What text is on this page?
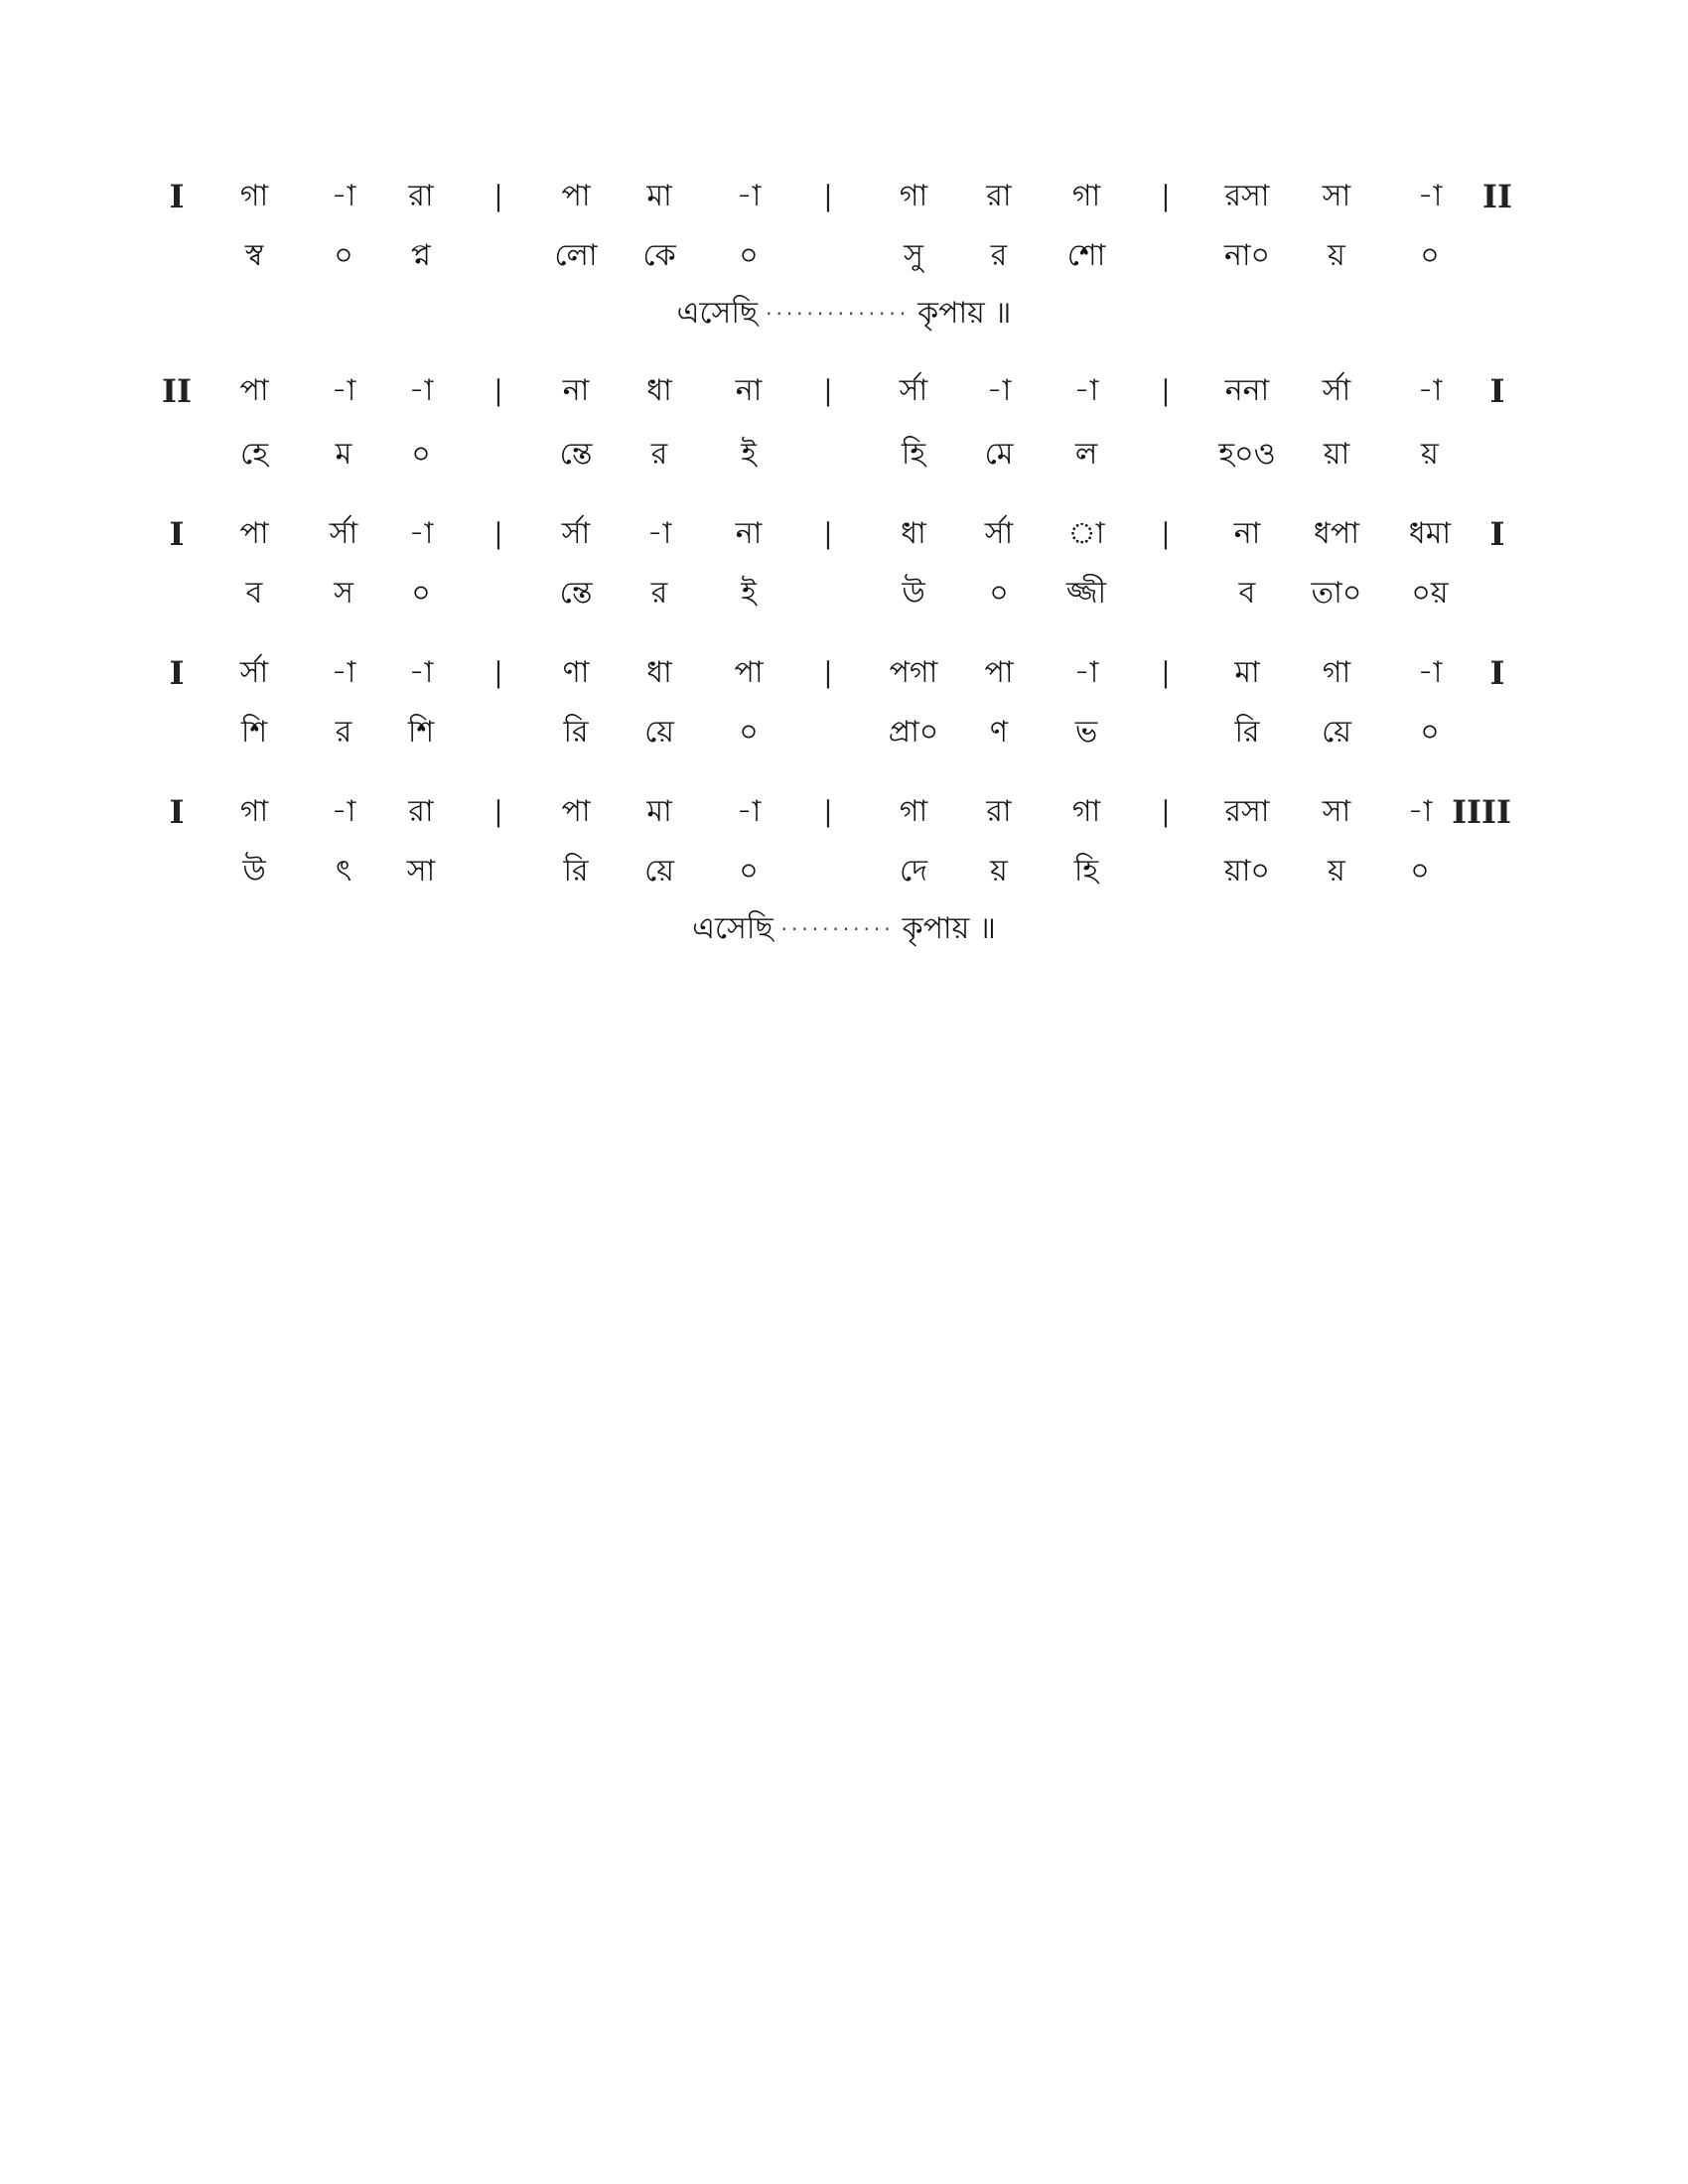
I গা -া রা | পা মা -া | গা রা গা | রসা সা -া II
স্ব ০ প্ন	লো কে ০	সু র শো	না০ য়	০
এসেছি ·············· কৃপায় ॥
II পা -া -া | না ধা না | র্সা -া -া | ননা র্সা -া I
হে ম ০	ন্তে র ই	হি মে ল	হ০ও য়া য়
I পা র্সা -া | র্সা -া না | ধা র্সা া | না ধপা ধমা I
ব স ০	ন্তে র ই	উ ০ জ্জী	ব তা০ ০য়
I র্সা -া -া | ণা ধা পা | পগা পা -া | মা গা -া I
শি র শি	রি য়ে ০	প্রা০ ণ ভ	রি য়ে ০
I গা -া রা | পা মা -া | গা রা গা | রসা সা -া IIII
উ ৎ সা	রি য়ে ০	দে য় হি	য়া০ য় ০
এসেছি ··········· কৃপায় ॥
